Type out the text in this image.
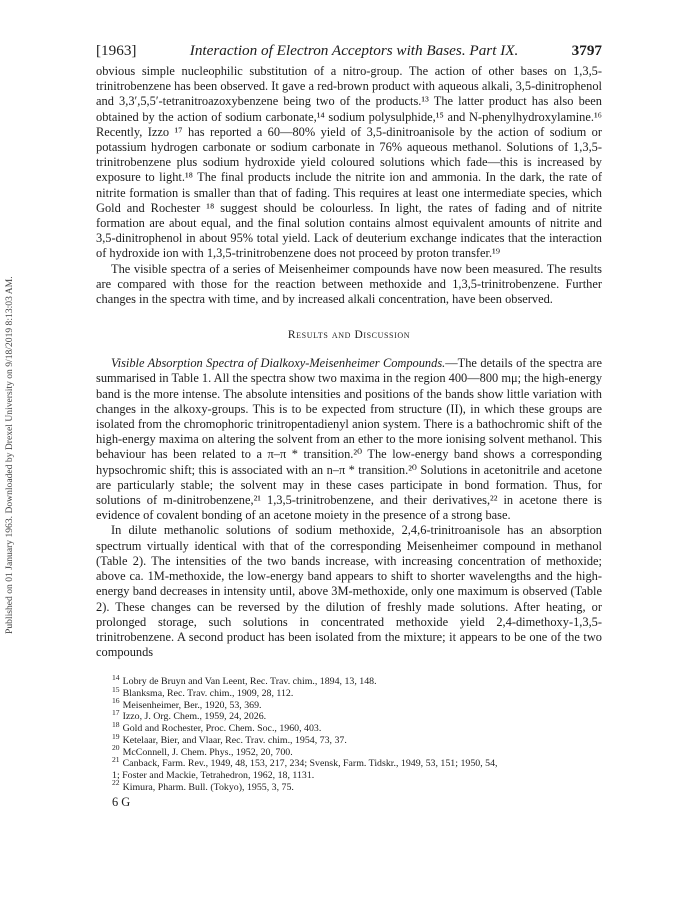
Published on 01 January 1963. Downloaded by Drexel University on 9/18/2019 8:13:03 AM.
[1963]	Interaction of Electron Acceptors with Bases. Part IX.	3797

obvious simple nucleophilic substitution of a nitro-group. The action of other bases on 1,3,5-trinitrobenzene has been observed. It gave a red-brown product with aqueous alkali, 3,5-dinitrophenol and 3,3′,5,5′-tetranitroazoxybenzene being two of the products.¹³ The latter product has also been obtained by the action of sodium carbonate,¹⁴ sodium polysulphide,¹⁵ and N-phenylhydroxylamine.¹⁶ Recently, Izzo ¹⁷ has reported a 60—80% yield of 3,5-dinitroanisole by the action of sodium or potassium hydrogen carbonate or sodium carbonate in 76% aqueous methanol. Solutions of 1,3,5-trinitrobenzene plus sodium hydroxide yield coloured solutions which fade—this is increased by exposure to light.¹⁸ The final products include the nitrite ion and ammonia. In the dark, the rate of nitrite formation is smaller than that of fading. This requires at least one intermediate species, which Gold and Rochester ¹⁸ suggest should be colourless. In light, the rates of fading and of nitrite formation are about equal, and the final solution contains almost equivalent amounts of nitrite and 3,5-dinitrophenol in about 95% total yield. Lack of deuterium exchange indicates that the interaction of hydroxide ion with 1,3,5-trinitrobenzene does not proceed by proton transfer.¹⁹

The visible spectra of a series of Meisenheimer compounds have now been measured. The results are compared with those for the reaction between methoxide and 1,3,5-trinitrobenzene. Further changes in the spectra with time, and by increased alkali concentration, have been observed.

Results and Discussion

Visible Absorption Spectra of Dialkoxy-Meisenheimer Compounds.—The details of the spectra are summarised in Table 1. All the spectra show two maxima in the region 400—800 mμ; the high-energy band is the more intense. The absolute intensities and positions of the bands show little variation with changes in the alkoxy-groups. This is to be expected from structure (II), in which these groups are isolated from the chromophoric trinitropentadienyl anion system. There is a bathochromic shift of the high-energy maxima on altering the solvent from an ether to the more ionising solvent methanol. This behaviour has been related to a π–π * transition.²⁰ The low-energy band shows a corresponding hypsochromic shift; this is associated with an n–π * transition.²⁰ Solutions in acetonitrile and acetone are particularly stable; the solvent may in these cases participate in bond formation. Thus, for solutions of m-dinitrobenzene,²¹ 1,3,5-trinitrobenzene, and their derivatives,²² in acetone there is evidence of covalent bonding of an acetone moiety in the presence of a strong base.

In dilute methanolic solutions of sodium methoxide, 2,4,6-trinitroanisole has an absorption spectrum virtually identical with that of the corresponding Meisenheimer compound in methanol (Table 2). The intensities of the two bands increase, with increasing concentration of methoxide; above ca. 1M-methoxide, the low-energy band appears to shift to shorter wavelengths and the high-energy band decreases in intensity until, above 3M-methoxide, only one maximum is observed (Table 2). These changes can be reversed by the dilution of freshly made solutions. After heating, or prolonged storage, such solutions in concentrated methoxide yield 2,4-dimethoxy-1,3,5-trinitrobenzene. A second product has been isolated from the mixture; it appears to be one of the two compounds

$^{14}$ Lobry de Bruyn and Van Leent, Rec. Trav. chim., 1894, 13, 148.
$^{15}$ Blanksma, Rec. Trav. chim., 1909, 28, 112.
$^{16}$ Meisenheimer, Ber., 1920, 53, 369.
$^{17}$ Izzo, J. Org. Chem., 1959, 24, 2026.
$^{18}$ Gold and Rochester, Proc. Chem. Soc., 1960, 403.
$^{19}$ Ketelaar, Bier, and Vlaar, Rec. Trav. chim., 1954, 73, 37.
$^{20}$ McConnell, J. Chem. Phys., 1952, 20, 700.
$^{21}$ Canback, Farm. Rev., 1949, 48, 153, 217, 234; Svensk, Farm. Tidskr., 1949, 53, 151; 1950, 54,
1; Foster and Mackie, Tetrahedron, 1962, 18, 1131.
$^{22}$ Kimura, Pharm. Bull. (Tokyo), 1955, 3, 75.
6 G
